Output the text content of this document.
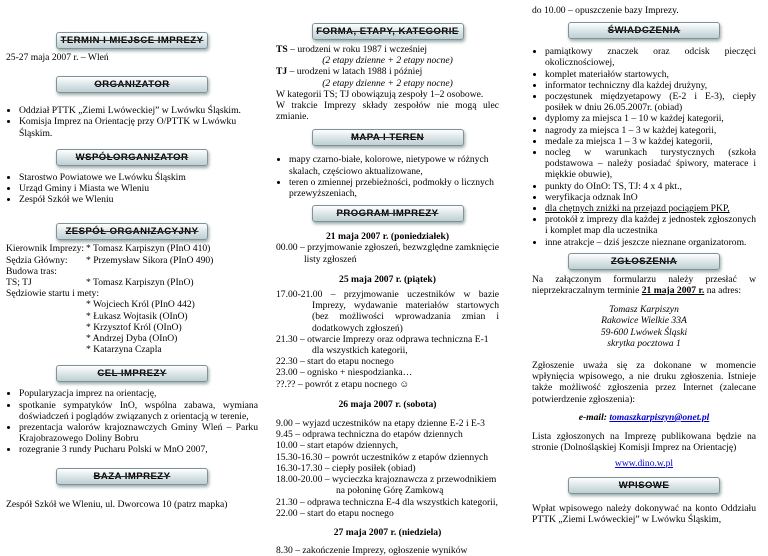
TERMIN I MIEJSCE IMPREZY

25-27 maja 2007 r. – Wleń

ORGANIZATOR
• Oddział PTTK „Ziemi Lwóweckiej” w Lwówku Śląskim.
• Komisja Imprez na Orientację przy O/PTTK w Lwówku Śląskim.
WSPÓŁORGANIZATOR
• Starostwo Powiatowe we Lwówku Śląskim
• Urząd Gminy i Miasta we Wleniu
• Zespół Szkół we Wleniu
ZESPÓŁ ORGANIZACYJNY
Kierownik Imprezy: * Tomasz Karpiszyn (PInO 410)
Sędzia Główny:	* Przemysław Sikora (PInO 490)
Budowa tras:
TS; TJ	* Tomasz Karpiszyn (PInO)

Sędziowie startu i mety:

* Wojciech Król (PInO 442)

* Łukasz Wojtasik (OInO)

* Krzysztof Król (OInO)

* Andrzej Dyba (OInO)

* Katarzyna Czapla

CEL IMPREZY
• Popularyzacja imprez na orientację,
• spotkanie sympatyków InO, wspólna zabawa, wymiana doświadczeń i poglądów związanych z orientacją w terenie,
• prezentacja walorów krajoznawczych Gminy Wleń – Parku Krajobrazowego Doliny Bobru
• rozegranie 3 rundy Pucharu Polski w MnO 2007,
BAZA IMPREZY

Zespół Szkół we Wleniu, ul. Dworcowa 10 (patrz mapka)

FORMA, ETAPY, KATEGORIE

TS – urodzeni w roku 1987 i wcześniej

(2 etapy dzienne + 2 etapy nocne)

TJ – urodzeni w latach 1988 i później

(2 etapy dzienne + 2 etapy nocne)

W kategorii TS; TJ obowiązują zespoły 1–2 osobowe.

W trakcie Imprezy składy zespołów nie mogą ulec zmianie.

MAPA I TEREN
• mapy czarno-białe, kolorowe, nietypowe w różnych skalach, częściowo aktualizowane,
• teren o zmiennej przebieżności, podmokły o licznych przewyższeniach,
PROGRAM IMPREZY

21 maja 2007 r. (poniedziałek)

00.00 – przyjmowanie zgłoszeń, bezwzględne zamknięcie listy zgłoszeń

25 maja 2007 r. (piątek)

17.00-21.00 – przyjmowanie uczestników w bazie Imprezy, wydawanie materiałów startowych (bez możliwości wprowadzania zmian i dodatkowych zgłoszeń)

21.30 – otwarcie Imprezy oraz odprawa techniczna E-1 dla wszystkich kategorii,

22.30 – start do etapu nocnego

23.00 – ognisko + niespodzianka…

??.?? – powrót z etapu nocnego ☺

26 maja 2007 r. (sobota)

9.00 – wyjazd uczestników na etapy dzienne E-2 i E-3

9.45 – odprawa techniczna do etapów dziennych

10.00 – start etapów dziennych,

15.30-16.30 – powrót uczestników z etapów dziennych

16.30-17.30 – ciepły posiłek (obiad)

18.00-20.00 – wycieczka krajoznawcza z przewodnikiem na połoninę Górę Zamkową

21.30 – odprawa techniczna E-4 dla wszystkich kategorii,

22.00 – start do etapu nocnego

27 maja 2007 r. (niedziela)

8.30 – zakończenie Imprezy, ogłoszenie wyników

do 10.00 – opuszczenie bazy Imprezy.

ŚWIADCZENIA
• pamiątkowy znaczek oraz odcisk pieczęci okolicznościowej,
• komplet materiałów startowych,
• informator techniczny dla każdej drużyny,
• poczęstunek międzyetapowy (E-2 i E-3), ciepły posiłek w dniu 26.05.2007r. (obiad)
• dyplomy za miejsca 1 – 10 w każdej kategorii,
• nagrody za miejsca 1 – 3 w każdej kategorii,
• medale za miejsca 1 – 3 w każdej kategorii,
• nocleg w warunkach turystycznych (szkoła podstawowa – należy posiadać śpiwory, materace i miękkie obuwie),
• punkty do OInO: TS, TJ: 4 x 4 pkt.,
• weryfikacja odznak InO
• dla chętnych zniżki na przejazd pociągiem PKP,
• protokół z imprezy dla każdej z jednostek zgłoszonych i komplet map dla uczestnika
• inne atrakcje – dziś jeszcze nieznane organizatorom.
ZGŁOSZENIA

Na załączonym formularzu należy przesłać w nieprzekraczalnym terminie 21 maja 2007 r. na adres:

Tomasz Karpiszyn

Rakowice Wielkie 33A

59-600 Lwówek Śląski

skrytka pocztowa 1

Zgłoszenie uważa się za dokonane w momencie wpłynięcia wpisowego, a nie druku zgłoszenia. Istnieje także możliwość zgłoszenia przez Internet (zalecane potwierdzenie zgłoszenia):

e-mail: tomaszkarpiszyn@onet.pl

Lista zgłoszonych na Imprezę publikowana będzie na stronie (Dolnośląskiej Komisji Imprez na Orientację)

www.dino.w.pl

WPISOWE

Wpłat wpisowego należy dokonywać na konto Oddziału PTTK „Ziemi Lwóweckiej” w Lwówku Śląskim,
